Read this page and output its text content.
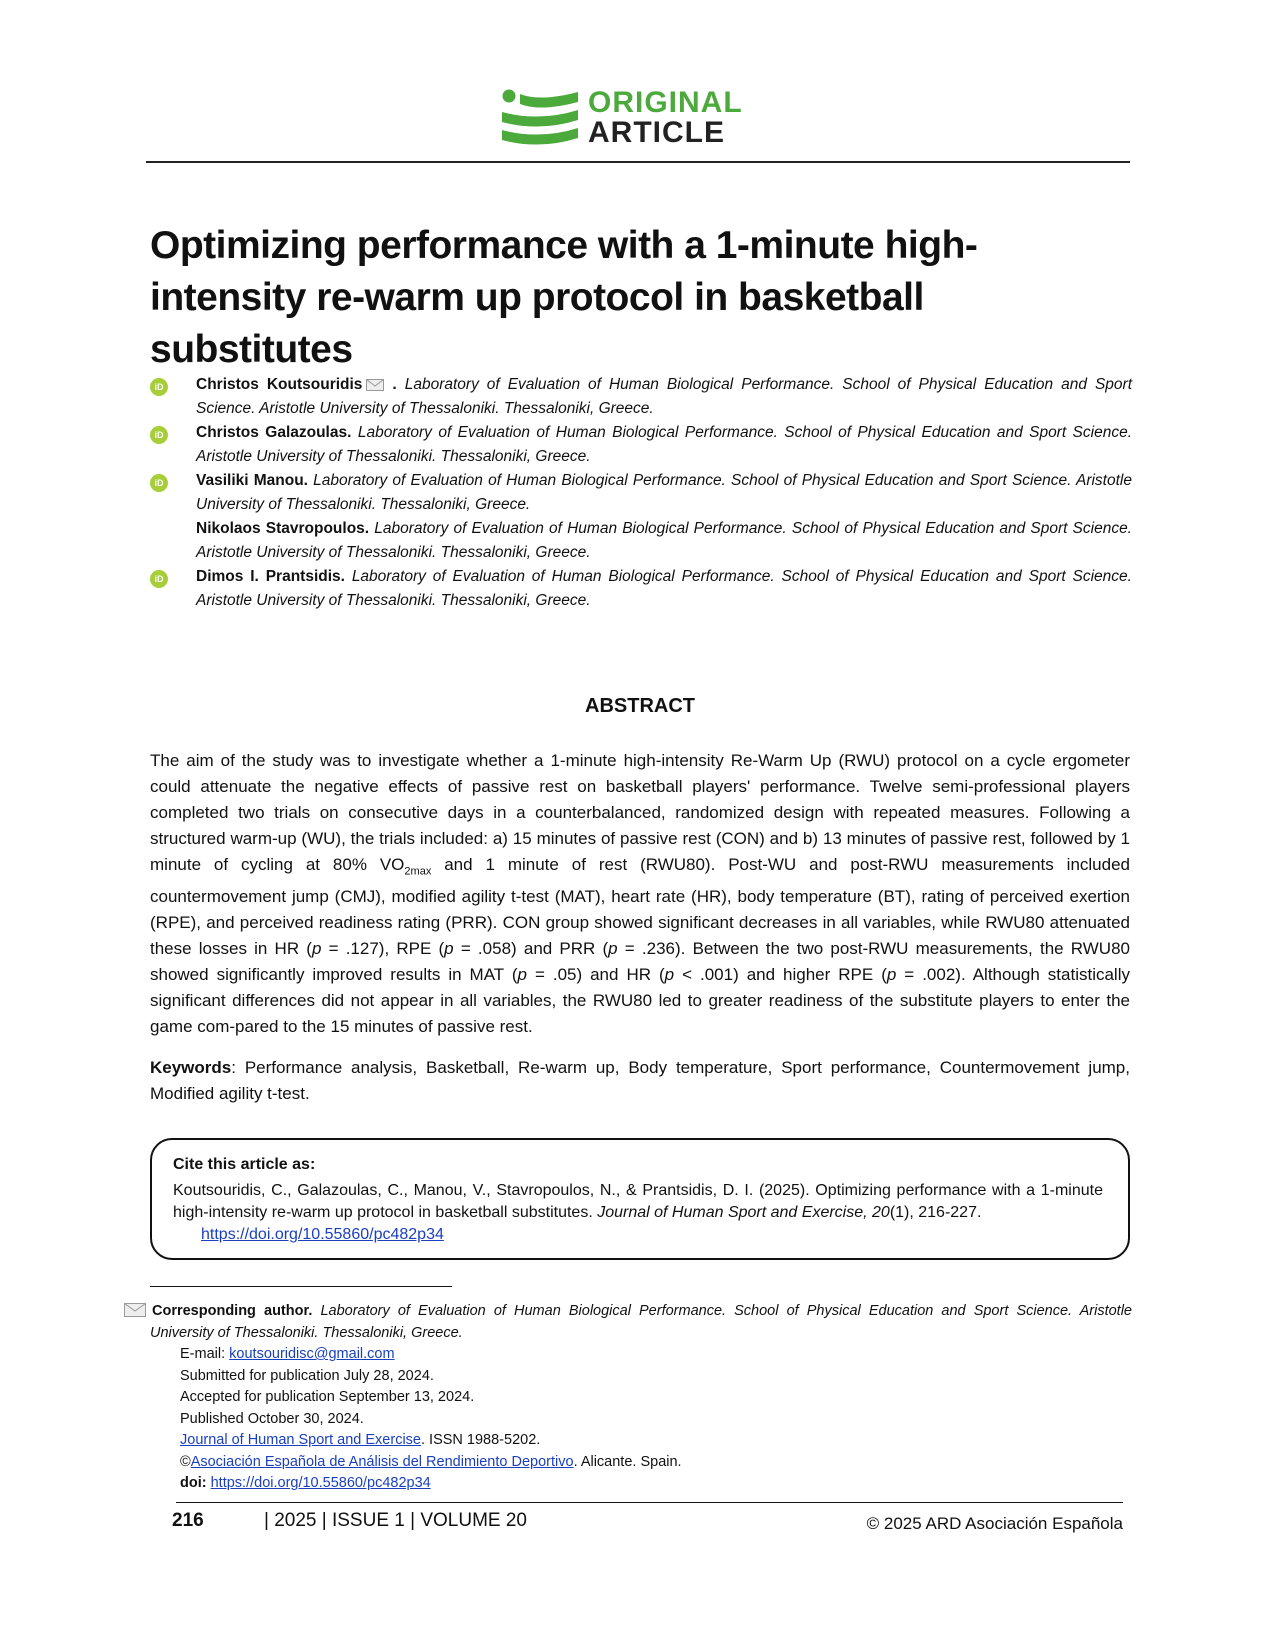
ORIGINAL
ARTICLE
Optimizing performance with a 1-minute high-intensity re-warm up protocol in basketball substitutes
iD Christos Koutsouridis . Laboratory of Evaluation of Human Biological Performance. School of Physical Education and Sport Science. Aristotle University of Thessaloniki. Thessaloniki, Greece.
iD Christos Galazoulas. Laboratory of Evaluation of Human Biological Performance. School of Physical Education and Sport Science. Aristotle University of Thessaloniki. Thessaloniki, Greece.
iD Vasiliki Manou. Laboratory of Evaluation of Human Biological Performance. School of Physical Education and Sport Science. Aristotle University of Thessaloniki. Thessaloniki, Greece.
Nikolaos Stavropoulos. Laboratory of Evaluation of Human Biological Performance. School of Physical Education and Sport Science. Aristotle University of Thessaloniki. Thessaloniki, Greece.
iD Dimos I. Prantsidis. Laboratory of Evaluation of Human Biological Performance. School of Physical Education and Sport Science. Aristotle University of Thessaloniki. Thessaloniki, Greece.
ABSTRACT
The aim of the study was to investigate whether a 1-minute high-intensity Re-Warm Up (RWU) protocol on a cycle ergometer could attenuate the negative effects of passive rest on basketball players' performance. Twelve semi-professional players completed two trials on consecutive days in a counterbalanced, randomized design with repeated measures. Following a structured warm-up (WU), the trials included: a) 15 minutes of passive rest (CON) and b) 13 minutes of passive rest, followed by 1 minute of cycling at 80% $VO_{2max}$ and 1 minute of rest (RWU80). Post-WU and post-RWU measurements included countermovement jump (CMJ), modified agility t-test (MAT), heart rate (HR), body temperature (BT), rating of perceived exertion (RPE), and perceived readiness rating (PRR). CON group showed significant decreases in all variables, while RWU80 attenuated these losses in HR (p = .127), RPE (p = .058) and PRR (p = .236). Between the two post-RWU measurements, the RWU80 showed significantly improved results in MAT (p = .05) and HR (p < .001) and higher RPE (p = .002). Although statistically significant differences did not appear in all variables, the RWU80 led to greater readiness of the substitute players to enter the game com-pared to the 15 minutes of passive rest.
Keywords: Performance analysis, Basketball, Re-warm up, Body temperature, Sport performance, Countermovement jump, Modified agility t-test.
Cite this article as:
Koutsouridis, C., Galazoulas, C., Manou, V., Stavropoulos, N., & Prantsidis, D. I. (2025). Optimizing performance with a 1-minute high-intensity re-warm up protocol in basketball substitutes. Journal of Human Sport and Exercise, 20(1), 216-227.
https://doi.org/10.55860/pc482p34
Corresponding author. Laboratory of Evaluation of Human Biological Performance. School of Physical Education and Sport Science. Aristotle University of Thessaloniki. Thessaloniki, Greece.
E-mail: koutsouridisc@gmail.com
Submitted for publication July 28, 2024.
Accepted for publication September 13, 2024.
Published October 30, 2024.
Journal of Human Sport and Exercise. ISSN 1988-5202.
©Asociación Española de Análisis del Rendimiento Deportivo. Alicante. Spain.
doi: https://doi.org/10.55860/pc482p34
216	| 2025 | ISSUE 1 | VOLUME 20	© 2025 ARD Asociación Española
